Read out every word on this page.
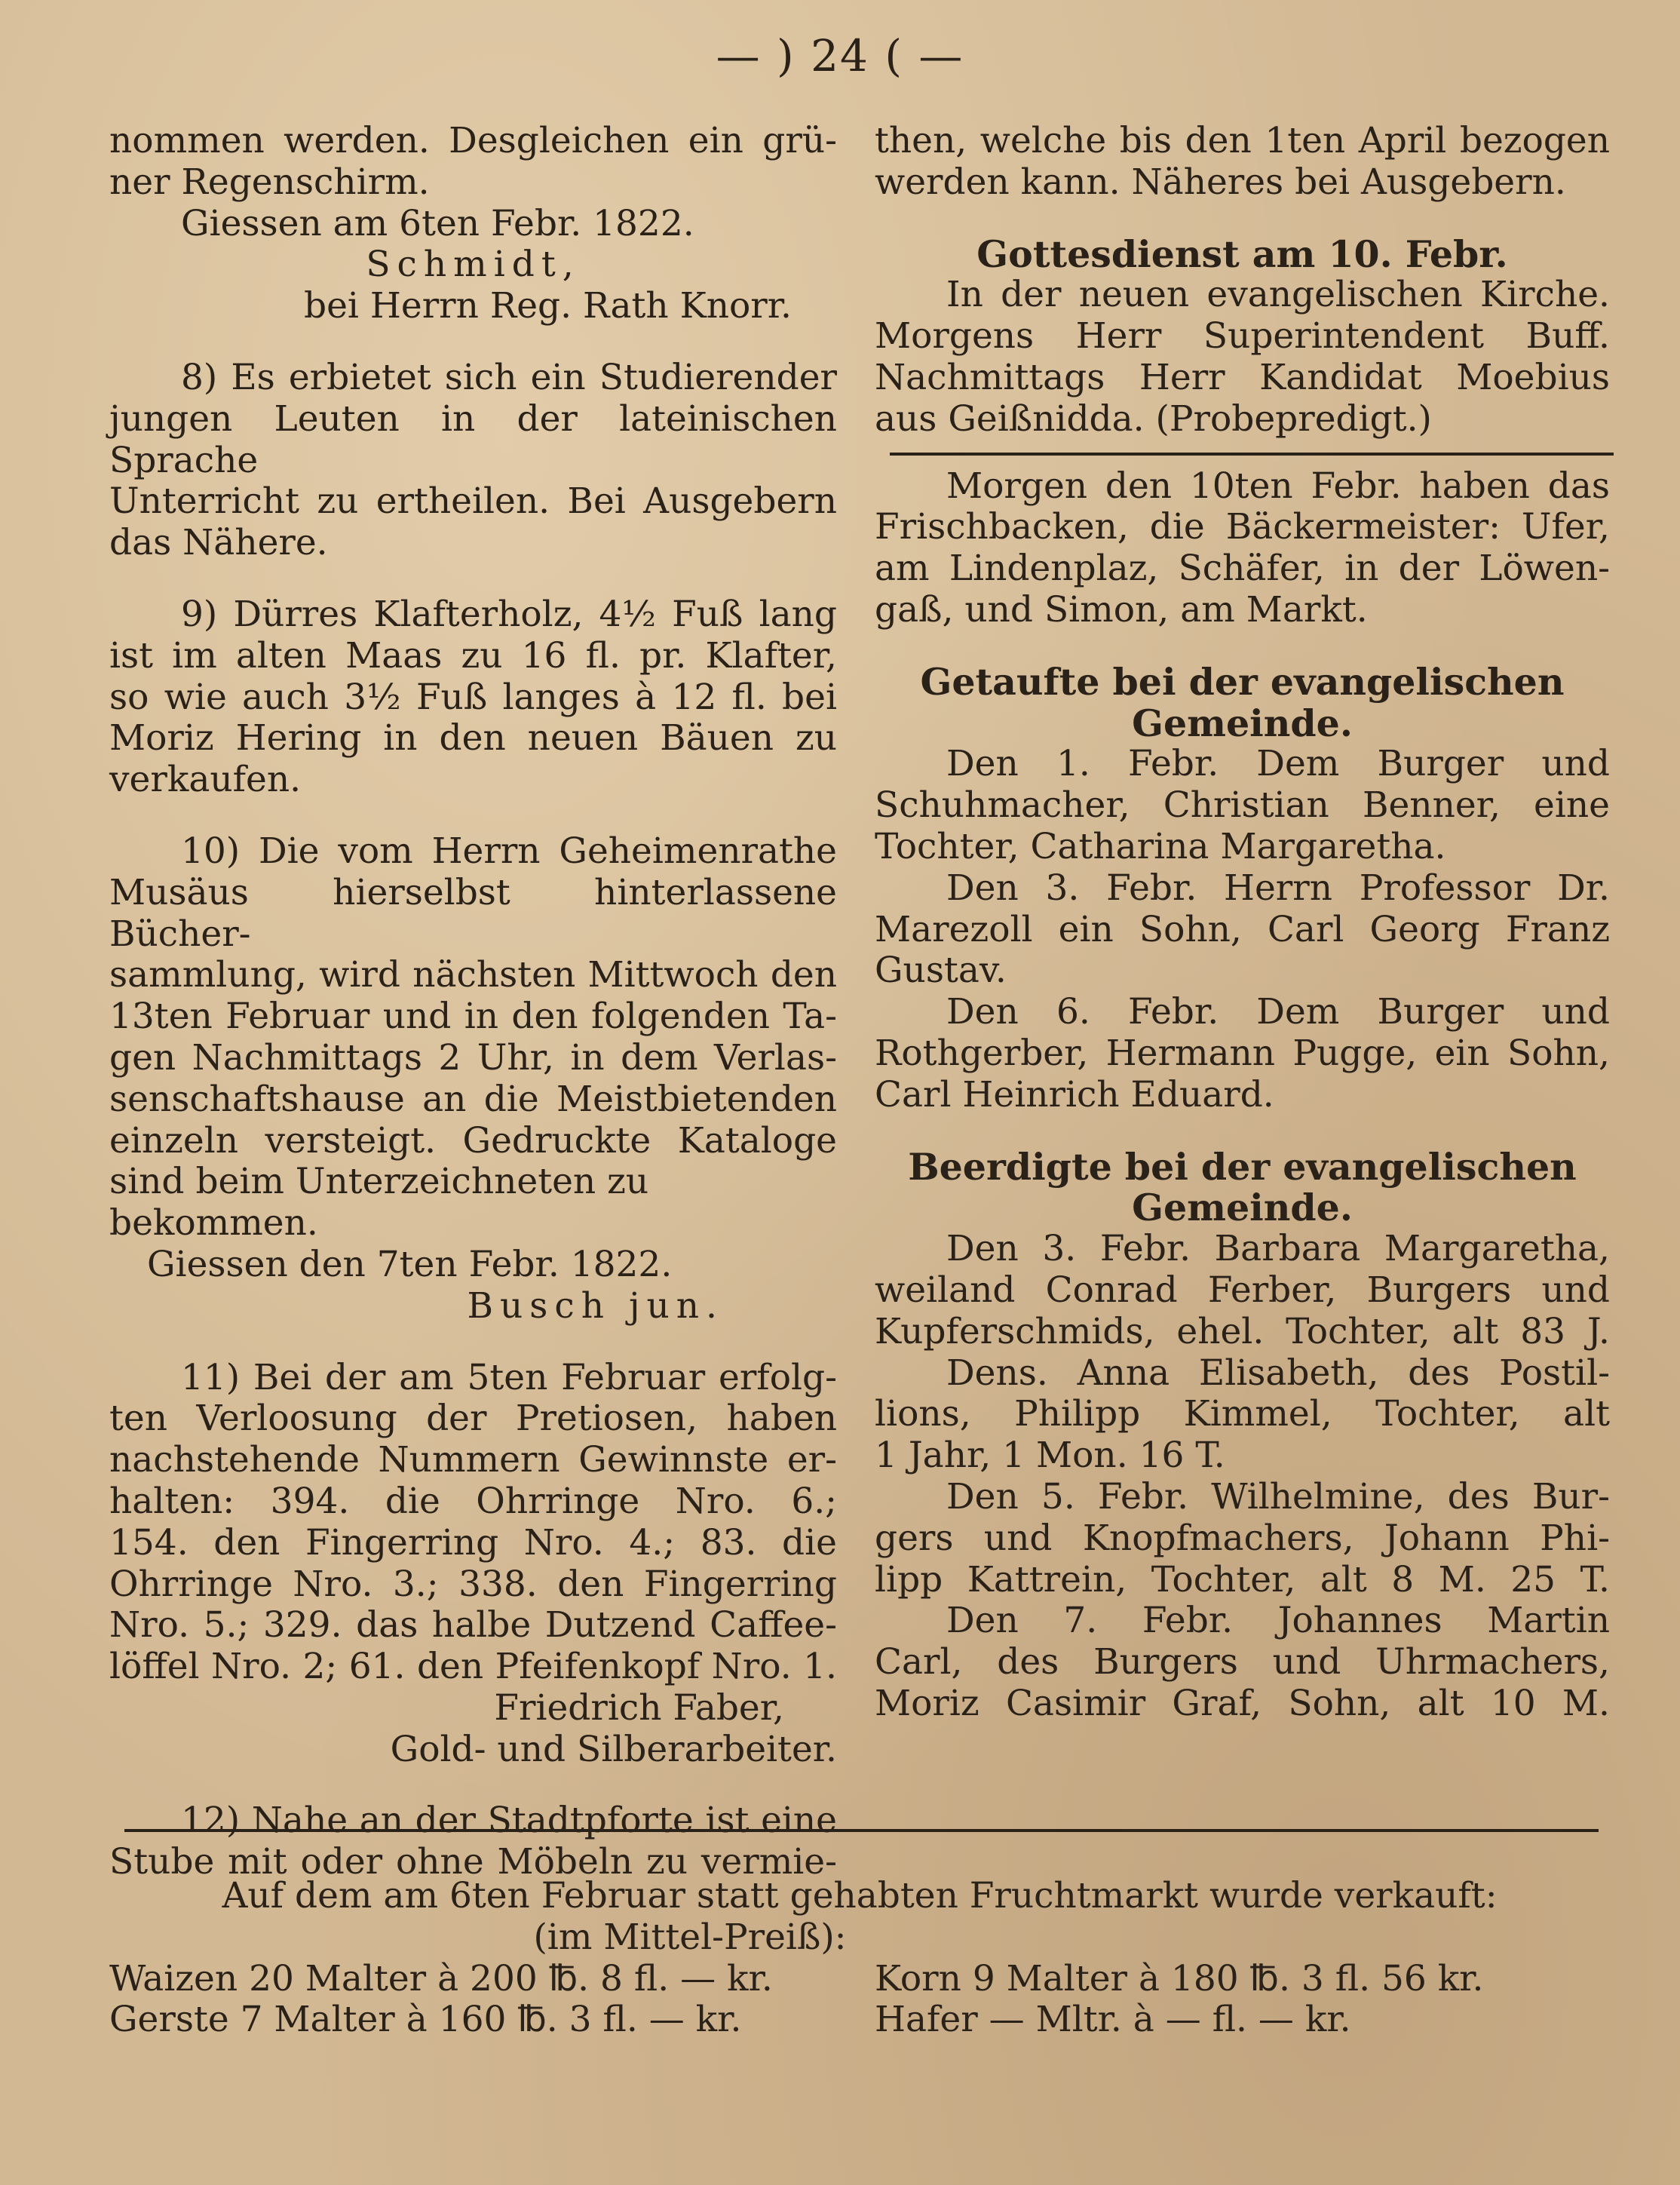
— ) 24 ( —

nommen werden. Desgleichen ein grü-

ner Regenschirm.

Giessen am 6ten Febr. 1822.

Schmidt,

bei Herrn Reg. Rath Knorr.

8) Es erbietet sich ein Studierender

jungen Leuten in der lateinischen Sprache

Unterricht zu ertheilen. Bei Ausgebern

das Nähere.

9) Dürres Klafterholz, 4½ Fuß lang

ist im alten Maas zu 16 fl. pr. Klafter,

so wie auch 3½ Fuß langes à 12 fl. bei

Moriz Hering in den neuen Bäuen zu

verkaufen.

10) Die vom Herrn Geheimenrathe

Musäus hierselbst hinterlassene Bücher-

sammlung, wird nächsten Mittwoch den

13ten Februar und in den folgenden Ta-

gen Nachmittags 2 Uhr, in dem Verlas-

senschaftshause an die Meistbietenden

einzeln versteigt. Gedruckte Kataloge

sind beim Unterzeichneten zu bekommen.

Giessen den 7ten Febr. 1822.

Busch jun.

11) Bei der am 5ten Februar erfolg-

ten Verloosung der Pretiosen, haben

nachstehende Nummern Gewinnste er-

halten: 394. die Ohrringe Nro. 6.;

154. den Fingerring Nro. 4.; 83. die

Ohrringe Nro. 3.; 338. den Fingerring

Nro. 5.; 329. das halbe Dutzend Caffee-

löffel Nro. 2; 61. den Pfeifenkopf Nro. 1.

Friedrich Faber,

Gold- und Silberarbeiter.

12) Nahe an der Stadtpforte ist eine

Stube mit oder ohne Möbeln zu vermie-

then, welche bis den 1ten April bezogen

werden kann. Näheres bei Ausgebern.

Gottesdienst am 10. Febr.

In der neuen evangelischen Kirche.

Morgens Herr Superintendent Buff.

Nachmittags Herr Kandidat Moebius

aus Geißnidda. (Probepredigt.)

Morgen den 10ten Febr. haben das

Frischbacken, die Bäckermeister: Ufer,

am Lindenplaz, Schäfer, in der Löwen-

gaß, und Simon, am Markt.

Getaufte bei der evangelischen

Gemeinde.

Den 1. Febr. Dem Burger und

Schuhmacher, Christian Benner, eine

Tochter, Catharina Margaretha.

Den 3. Febr. Herrn Professor Dr.

Marezoll ein Sohn, Carl Georg Franz

Gustav.

Den 6. Febr. Dem Burger und

Rothgerber, Hermann Pugge, ein Sohn,

Carl Heinrich Eduard.

Beerdigte bei der evangelischen

Gemeinde.

Den 3. Febr. Barbara Margaretha,

weiland Conrad Ferber, Burgers und

Kupferschmids, ehel. Tochter, alt 83 J.

Dens. Anna Elisabeth, des Postil-

lions, Philipp Kimmel, Tochter, alt

1 Jahr, 1 Mon. 16 T.

Den 5. Febr. Wilhelmine, des Bur-

gers und Knopfmachers, Johann Phi-

lipp Kattrein, Tochter, alt 8 M. 25 T.

Den 7. Febr. Johannes Martin

Carl, des Burgers und Uhrmachers,

Moriz Casimir Graf, Sohn, alt 10 M.

Auf dem am 6ten Februar statt gehabten Fruchtmarkt wurde verkauft:

(im Mittel-Preiß):

Waizen 20 Malter à 200 ℔. 8 fl. — kr.	Korn 9 Malter à 180 ℔. 3 fl. 56 kr.
Gerste 7 Malter à 160 ℔. 3 fl. — kr.	Hafer — Mltr. à — fl. — kr.
